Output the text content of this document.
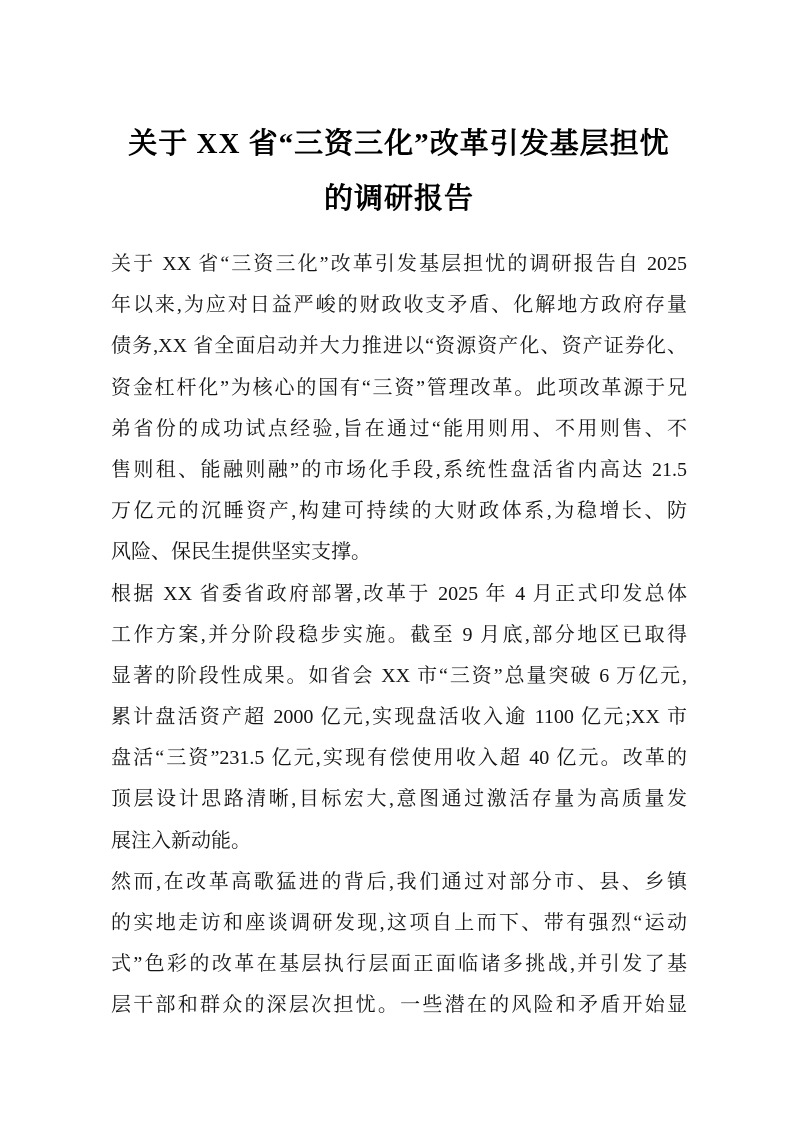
关于 XX 省“三资三化”改革引发基层担忧
的调研报告

关于 XX 省“三资三化”改革引发基层担忧的调研报告自 2025
年以来,为应对日益严峻的财政收支矛盾、化解地方政府存量
债务,XX 省全面启动并大力推进以“资源资产化、资产证券化、
资金杠杆化”为核心的国有“三资”管理改革。此项改革源于兄
弟省份的成功试点经验,旨在通过“能用则用、不用则售、不
售则租、能融则融”的市场化手段,系统性盘活省内高达 21.5
万亿元的沉睡资产,构建可持续的大财政体系,为稳增长、防
风险、保民生提供坚实支撑。

根据 XX 省委省政府部署,改革于 2025 年 4 月正式印发总体
工作方案,并分阶段稳步实施。截至 9 月底,部分地区已取得
显著的阶段性成果。如省会 XX 市“三资”总量突破 6 万亿元,
累计盘活资产超 2000 亿元,实现盘活收入逾 1100 亿元;XX 市
盘活“三资”231.5 亿元,实现有偿使用收入超 40 亿元。改革的
顶层设计思路清晰,目标宏大,意图通过激活存量为高质量发
展注入新动能。

然而,在改革高歌猛进的背后,我们通过对部分市、县、乡镇
的实地走访和座谈调研发现,这项自上而下、带有强烈“运动
式”色彩的改革在基层执行层面正面临诸多挑战,并引发了基
层干部和群众的深层次担忧。一些潜在的风险和矛盾开始显
